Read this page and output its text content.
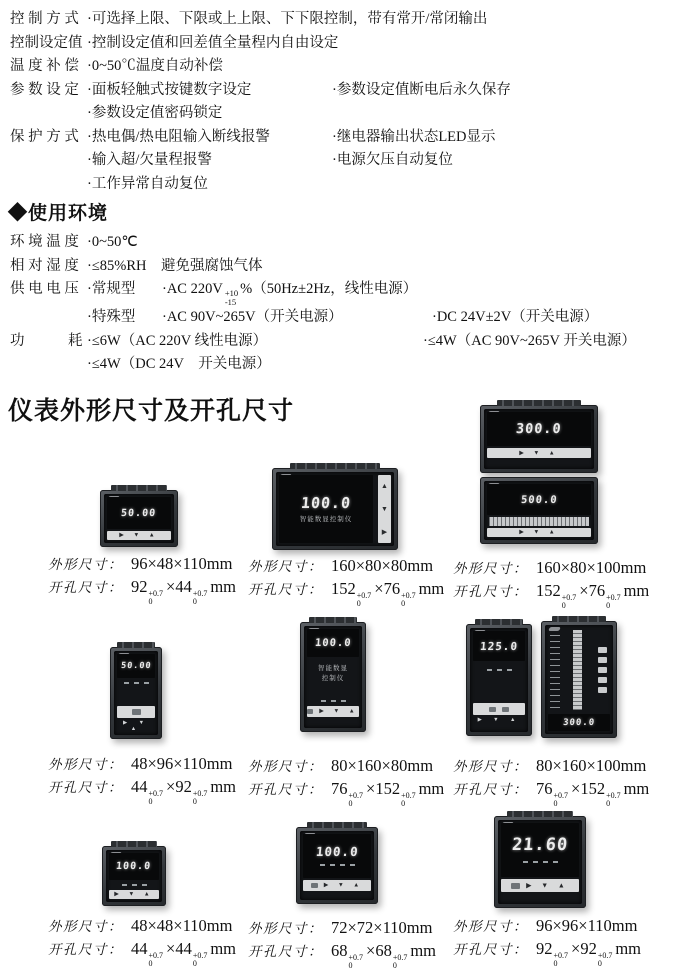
控 制 方 式 ·可选择上限、下限或上上限、下下限控制，带有常开/常闭输出
控制设定值 ·控制设定值和回差值全量程内自由设定
温 度 补 偿 ·0~50℃温度自动补偿
参 数 设 定 ·面板轻触式按键数字设定	·参数设定值断电后永久保存
·参数设定值密码锁定
保 护 方 式 ·热电偶/热电阻输入断线报警	·继电器输出状态LED显示
·输入超/欠量程报警	·电源欠压自动复位
·工作异常自动复位
◆使用环境
环 境 温 度 ·0~50℃
相 对 湿 度 ·≤85%RH　避免强腐蚀气体
供 电 电 压 ·常规型	·AC 220V +10
-15
%（50Hz±2Hz，线性电源）
·特殊型	·AC 90V~265V（开关电源）	·DC 24V±2V（开关电源）
功　　　耗 ·≤6W（AC 220V 线性电源）	·≤4W（AC 90V~265V 开关电源）
·≤4W（DC 24V　开关电源）
仪表外形尺寸及开孔尺寸
50.00
▶ ▼ ▲
100.0
智能数显控制仪
▲
▼
▶
300.0
▶ ▼ ▲
500.0
▶ ▼ ▲
外形尺寸： 96×48×110mm
开孔尺寸： 92 +0.7
0
×44 +0.7
0
mm
外形尺寸： 160×80×80mm
开孔尺寸： 152 +0.7
0
×76 +0.7
0
mm
外形尺寸： 160×80×100mm
开孔尺寸： 152 +0.7
0
×76 +0.7
0
mm
50.00
▶ ▼ ▲
100.0
智能数显
控制仪
▶ ▼ ▲
125.0
▶ ▼ ▲	300.0
外形尺寸： 48×96×110mm
开孔尺寸： 44 +0.7
0
×92 +0.7
0
mm
外形尺寸： 80×160×80mm
开孔尺寸： 76 +0.7
0
×152 +0.7
0
mm
外形尺寸： 80×160×100mm
开孔尺寸： 76 +0.7
0
×152 +0.7
0
mm
100.0
▶ ▼ ▲
100.0
▶ ▼ ▲
21.60
▶ ▼ ▲
外形尺寸： 48×48×110mm
开孔尺寸： 44 +0.7
0
×44 +0.7
0
mm
外形尺寸： 72×72×110mm
开孔尺寸： 68 +0.7
0
×68 +0.7
0
mm
外形尺寸： 96×96×110mm
开孔尺寸： 92 +0.7
0
×92 +0.7
0
mm
